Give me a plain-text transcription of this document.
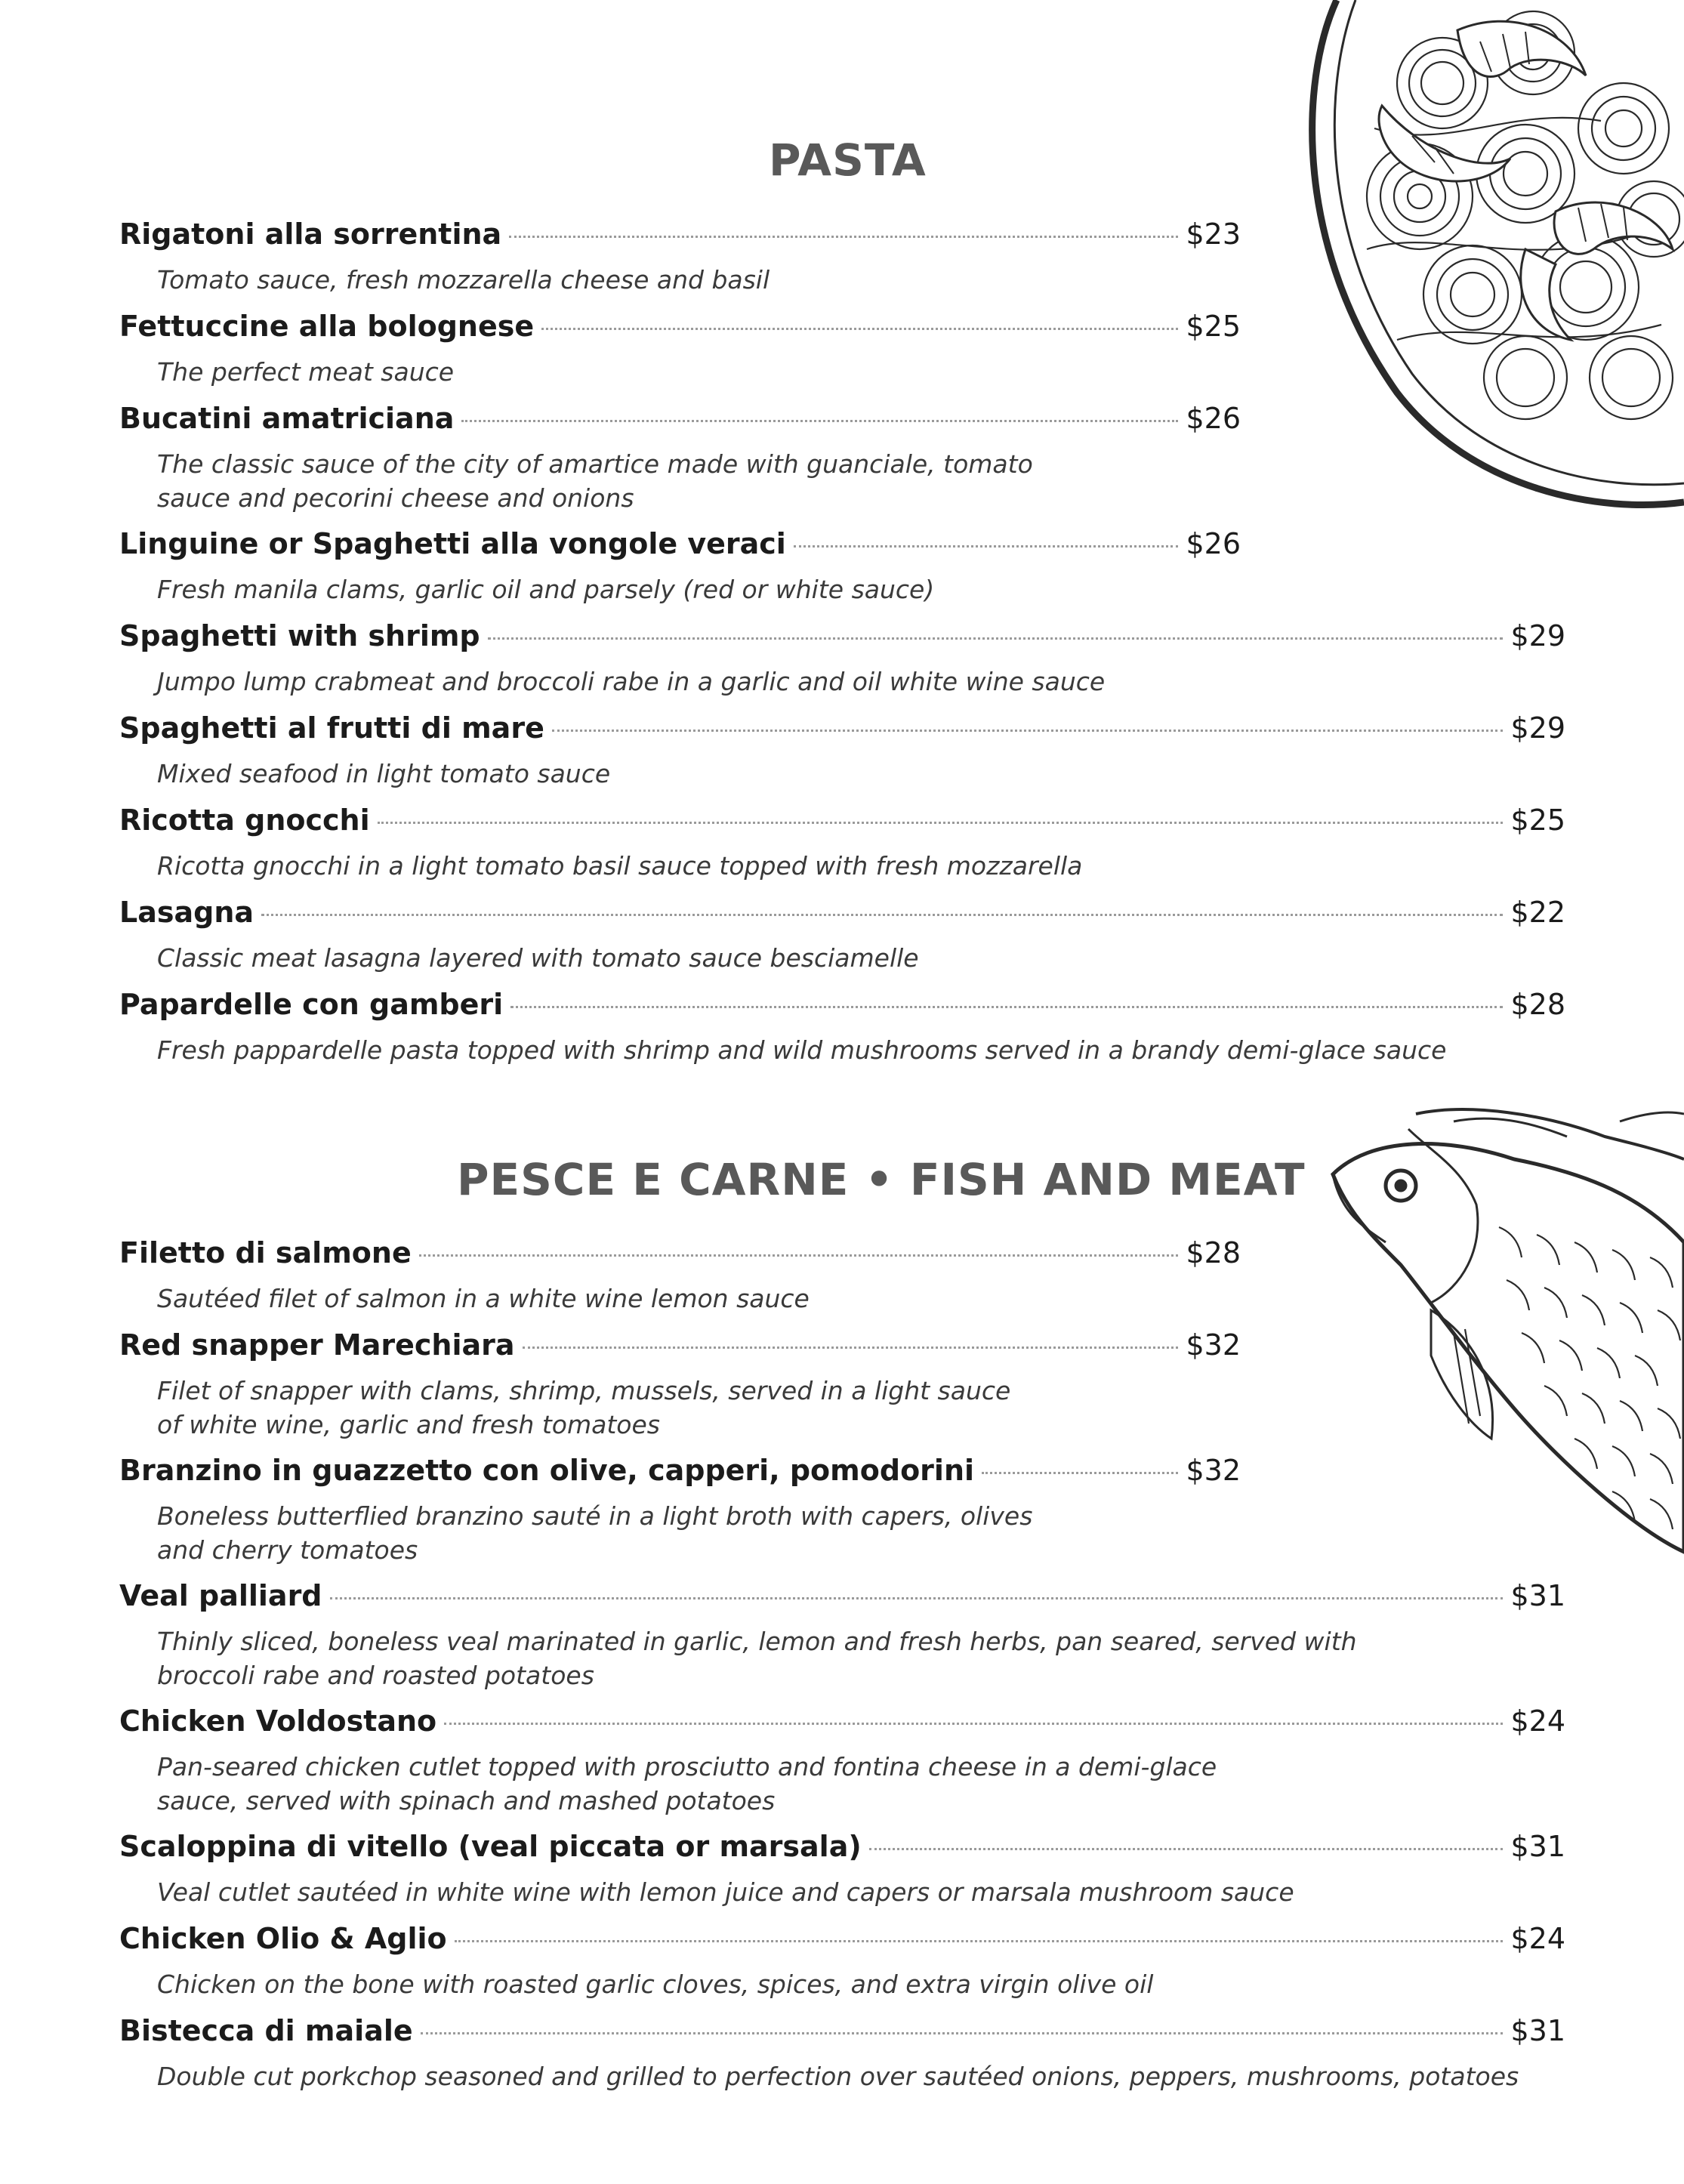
PASTA
Rigatoni alla sorrentina	$23
Tomato sauce, fresh mozzarella cheese and basil
Fettuccine alla bolognese	$25
The perfect meat sauce
Bucatini amatriciana	$26
The classic sauce of the city of amartice made with guanciale, tomato
sauce and pecorini cheese and onions
Linguine or Spaghetti alla vongole veraci	$26
Fresh manila clams, garlic oil and parsely (red or white sauce)
Spaghetti with shrimp	$29
Jumpo lump crabmeat and broccoli rabe in a garlic and oil white wine sauce
Spaghetti al frutti di mare	$29
Mixed seafood in light tomato sauce
Ricotta gnocchi	$25
Ricotta gnocchi in a light tomato basil sauce topped with fresh mozzarella
Lasagna	$22
Classic meat lasagna layered with tomato sauce besciamelle
Papardelle con gamberi	$28
Fresh pappardelle pasta topped with shrimp and wild mushrooms served in a brandy demi-glace sauce
PESCE E CARNE • FISH AND MEAT
Filetto di salmone	$28
Sautéed filet of salmon in a white wine lemon sauce
Red snapper Marechiara	$32
Filet of snapper with clams, shrimp, mussels, served in a light sauce
of white wine, garlic and fresh tomatoes
Branzino in guazzetto con olive, capperi, pomodorini	$32
Boneless butterflied branzino sauté in a light broth with capers, olives
and cherry tomatoes
Veal palliard	$31
Thinly sliced, boneless veal marinated in garlic, lemon and fresh herbs, pan seared, served with
broccoli rabe and roasted potatoes
Chicken Voldostano	$24
Pan-seared chicken cutlet topped with prosciutto and fontina cheese in a demi-glace
sauce, served with spinach and mashed potatoes
Scaloppina di vitello (veal piccata or marsala)	$31
Veal cutlet sautéed in white wine with lemon juice and capers or marsala mushroom sauce
Chicken Olio & Aglio	$24
Chicken on the bone with roasted garlic cloves, spices, and extra virgin olive oil
Bistecca di maiale	$31
Double cut porkchop seasoned and grilled to perfection over sautéed onions, peppers, mushrooms, potatoes
